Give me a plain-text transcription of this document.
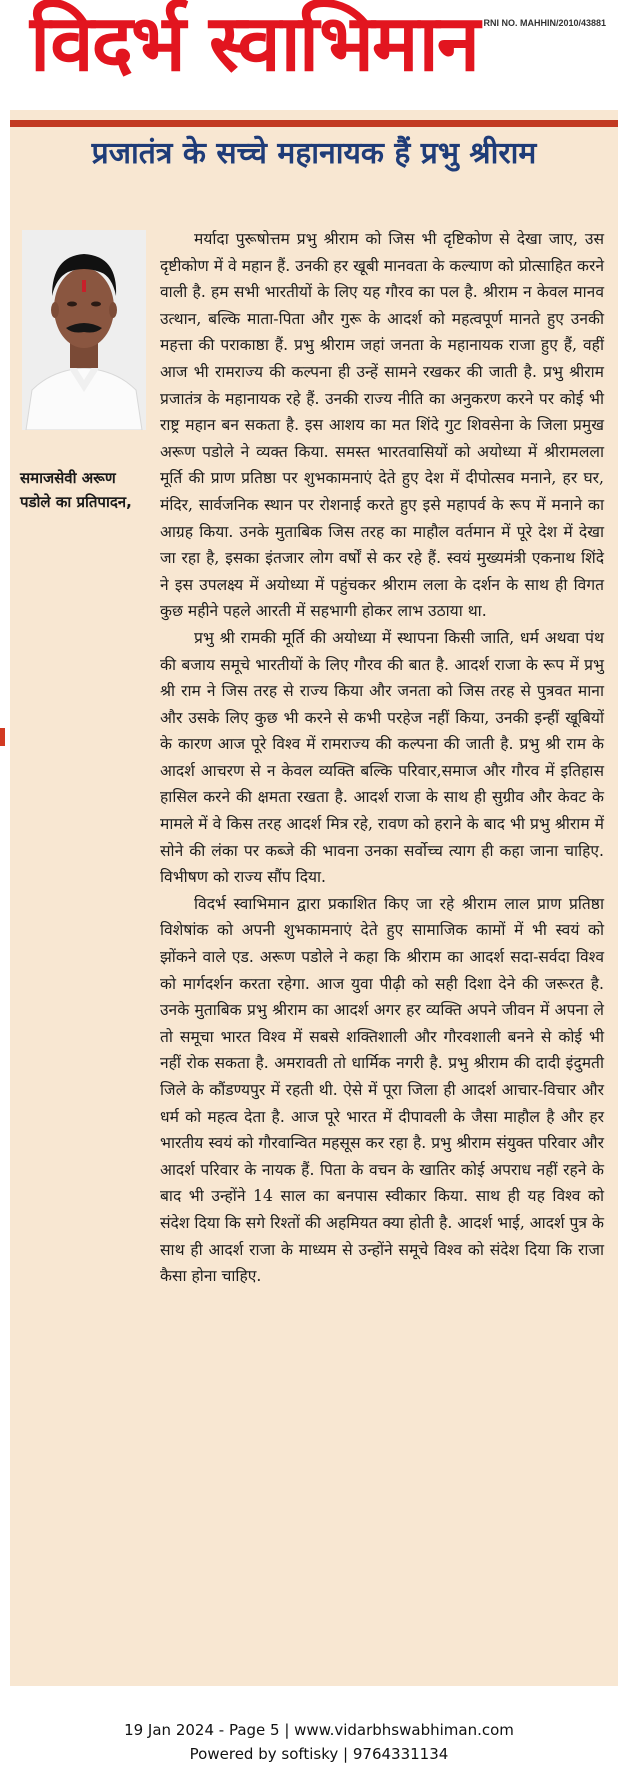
विदर्भ स्वाभिमान RNI NO. MAHHIN/2010/43881
प्रजातंत्र के सच्चे महानायक हैं प्रभु श्रीराम
समाजसेवी अरूण पडोले का प्रतिपादन,

मर्यादा पुरूषोत्तम प्रभु श्रीराम को जिस भी दृष्टिकोण से देखा जाए, उस दृष्टीकोण में वे महान हैं. उनकी हर खूबी मानवता के कल्याण को प्रोत्साहित करने वाली है. हम सभी भारतीयों के लिए यह गौरव का पल है. श्रीराम न केवल मानव उत्थान, बल्कि माता-पिता और गुरू के आदर्श को महत्वपूर्ण मानते हुए उनकी महत्ता की पराकाष्ठा हैं. प्रभु श्रीराम जहां जनता के महानायक राजा हुए हैं, वहीं आज भी रामराज्य की कल्पना ही उन्हें सामने रखकर की जाती है. प्रभु श्रीराम प्रजातंत्र के महानायक रहे हैं. उनकी राज्य नीति का अनुकरण करने पर कोई भी राष्ट्र महान बन सकता है. इस आशय का मत शिंदे गुट शिवसेना के जिला प्रमुख अरूण पडोले ने व्यक्त किया. समस्त भारतवासियों को अयोध्या में श्रीरामलला मूर्ति की प्राण प्रतिष्ठा पर शुभकामनाएं देते हुए देश में दीपोत्सव मनाने, हर घर, मंदिर, सार्वजनिक स्थान पर रोशनाई करते हुए इसे महापर्व के रूप में मनाने का आग्रह किया. उनके मुताबिक जिस तरह का माहौल वर्तमान में पूरे देश में देखा जा रहा है, इसका इंतजार लोग वर्षों से कर रहे हैं. स्वयं मुख्यमंत्री एकनाथ शिंदे ने इस उपलक्ष्य में अयोध्या में पहुंचकर श्रीराम लला के दर्शन के साथ ही विगत कुछ महीने पहले आरती में सहभागी होकर लाभ उठाया था.

प्रभु श्री रामकी मूर्ति की अयोध्या में स्थापना किसी जाति, धर्म अथवा पंथ की बजाय समूचे भारतीयों के लिए गौरव की बात है. आदर्श राजा के रूप में प्रभु श्री राम ने जिस तरह से राज्य किया और जनता को जिस तरह से पुत्रवत माना और उसके लिए कुछ भी करने से कभी परहेज नहीं किया, उनकी इन्हीं खूबियों के कारण आज पूरे विश्व में रामराज्य की कल्पना की जाती है. प्रभु श्री राम के आदर्श आचरण से न केवल व्यक्ति बल्कि परिवार,समाज और गौरव में इतिहास हासिल करने की क्षमता रखता है. आदर्श राजा के साथ ही सुग्रीव और केवट के मामले में वे किस तरह आदर्श मित्र रहे, रावण को हराने के बाद भी प्रभु श्रीराम में सोने की लंका पर कब्जे की भावना उनका सर्वोच्च त्याग ही कहा जाना चाहिए. विभीषण को राज्य सौंप दिया.

विदर्भ स्वाभिमान द्वारा प्रकाशित किए जा रहे श्रीराम लाल प्राण प्रतिष्ठा विशेषांक को अपनी शुभकामनाएं देते हुए सामाजिक कामों में भी स्वयं को झोंकने वाले एड. अरूण पडोले ने कहा कि श्रीराम का आदर्श सदा-सर्वदा विश्व को मार्गदर्शन करता रहेगा. आज युवा पीढ़ी को सही दिशा देने की जरूरत है. उनके मुताबिक प्रभु श्रीराम का आदर्श अगर हर व्यक्ति अपने जीवन में अपना ले तो समूचा भारत विश्व में सबसे शक्तिशाली और गौरवशाली बनने से कोई भी नहीं रोक सकता है. अमरावती तो धार्मिक नगरी है. प्रभु श्रीराम की दादी इंदुमती जिले के कौंडण्यपुर में रहती थी. ऐसे में पूरा जिला ही आदर्श आचार-विचार और धर्म को महत्व देता है. आज पूरे भारत में दीपावली के जैसा माहौल है और हर भारतीय स्वयं को गौरवान्वित महसूस कर रहा है. प्रभु श्रीराम संयुक्त परिवार और आदर्श परिवार के नायक हैं. पिता के वचन के खातिर कोई अपराध नहीं रहने के बाद भी उन्होंने 14 साल का बनपास स्वीकार किया. साथ ही यह विश्व को संदेश दिया कि सगे रिश्तों की अहमियत क्या होती है. आदर्श भाई, आदर्श पुत्र के साथ ही आदर्श राजा के माध्यम से उन्होंने समूचे विश्व को संदेश दिया कि राजा कैसा होना चाहिए.

19 Jan 2024 - Page 5 | www.vidarbhswabhiman.com
Powered by softisky | 9764331134
